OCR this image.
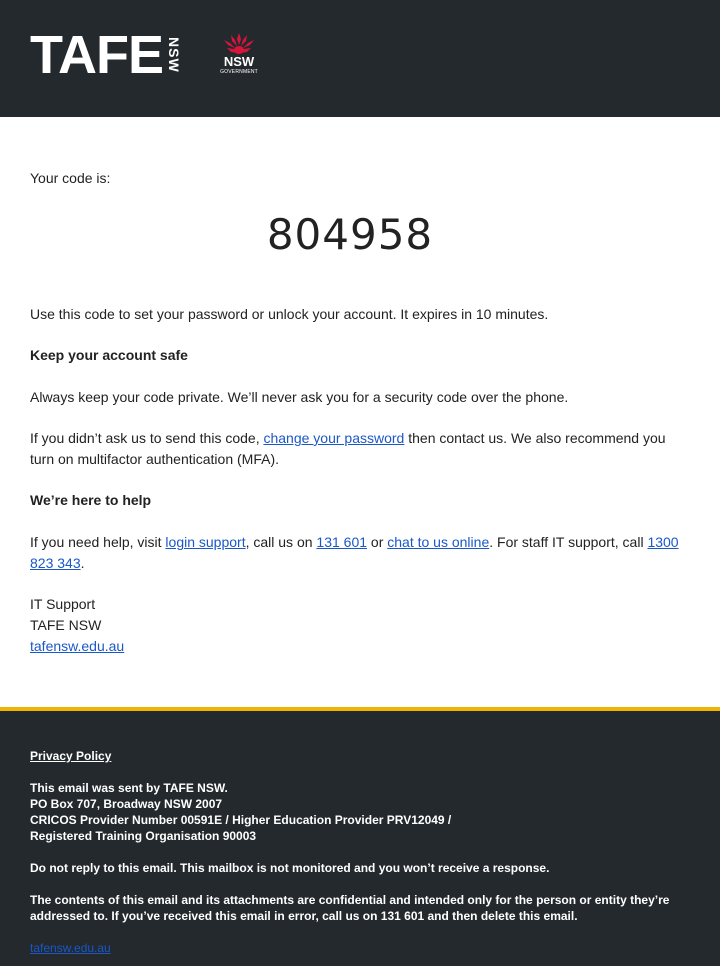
TAFE NSW	NSW
GOVERNMENT

Your code is:

804958

Use this code to set your password or unlock your account. It expires in 10 minutes.

Keep your account safe

Always keep your code private. We’ll never ask you for a security code over the phone.

If you didn’t ask us to send this code, change your password then contact us. We also recommend you turn on multifactor authentication (MFA).

We’re here to help

If you need help, visit login support, call us on 131 601 or chat to us online. For staff IT support, call 1300 823 343.

IT Support

TAFE NSW

tafensw.edu.au

Privacy Policy

This email was sent by TAFE NSW.

PO Box 707, Broadway NSW 2007

CRICOS Provider Number 00591E / Higher Education Provider PRV12049 /

Registered Training Organisation 90003

Do not reply to this email. This mailbox is not monitored and you won’t receive a response.

The contents of this email and its attachments are confidential and intended only for the person or entity they’re addressed to. If you’ve received this email in error, call us on 131 601 and then delete this email.

tafensw.edu.au
